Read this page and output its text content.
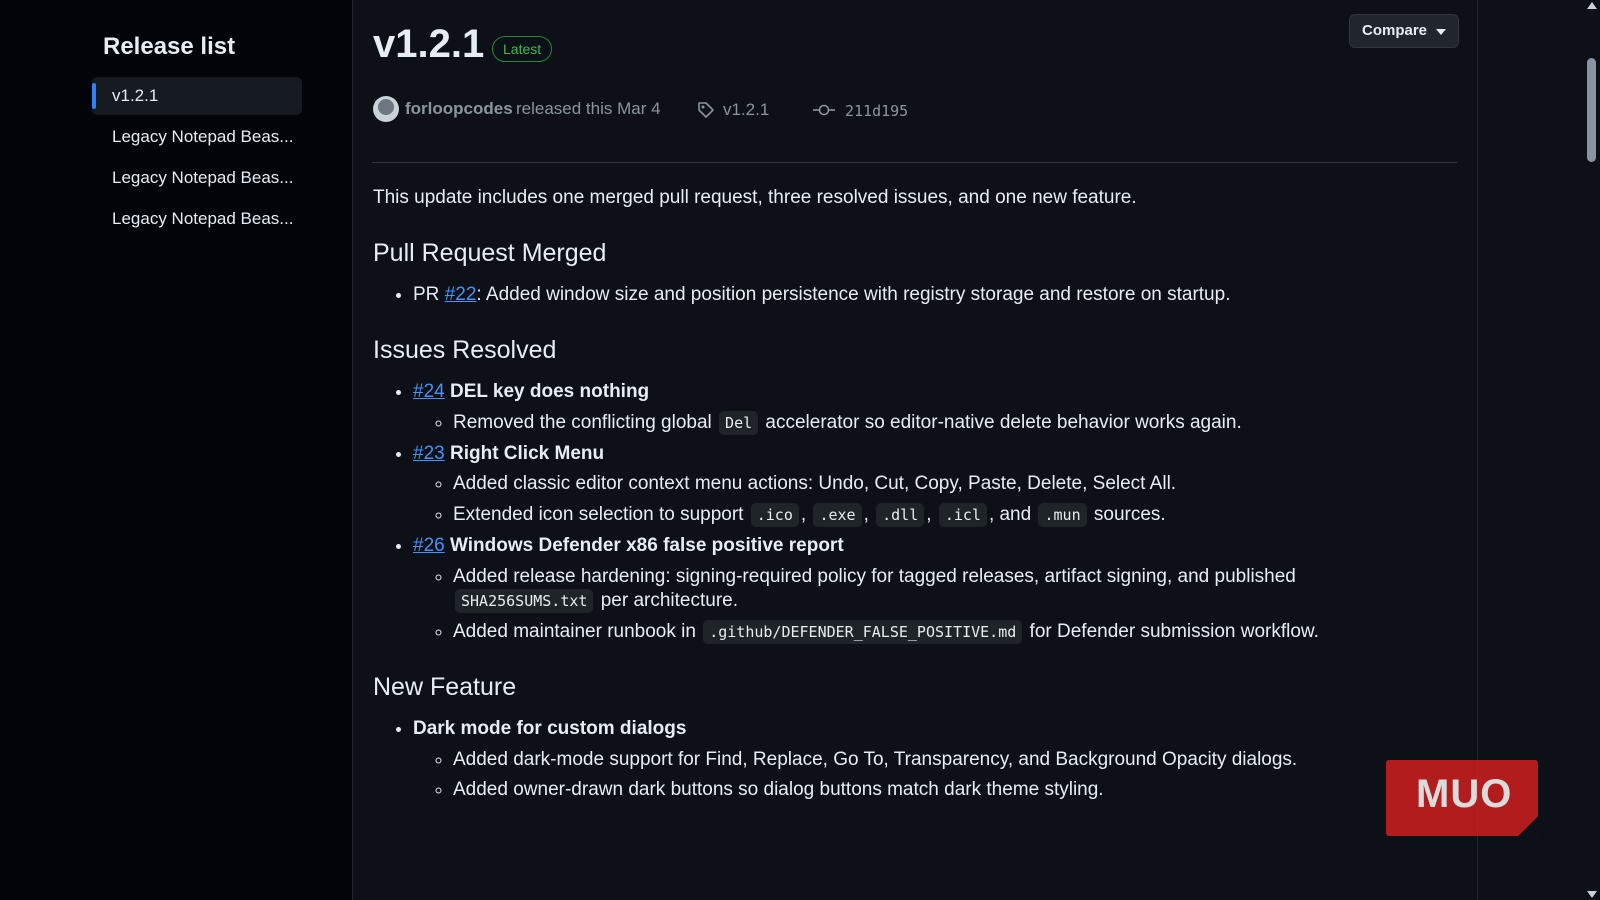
Release list
v1.2.1
Legacy Notepad Beas...
Legacy Notepad Beas...
Legacy Notepad Beas...
v1.2.1	Latest
Compare
forloopcodes released this Mar 4	v1.2.1	211d195

This update includes one merged pull request, three resolved issues, and one new feature.

Pull Request Merged
• PR #22: Added window size and position persistence with registry storage and restore on startup.
Issues Resolved
• #24 DEL key does nothing
◦ Removed the conflicting global Del accelerator so editor-native delete behavior works again.
• #23 Right Click Menu
◦ Added classic editor context menu actions: Undo, Cut, Copy, Paste, Delete, Select All.
◦ Extended icon selection to support .ico , .exe , .dll , .icl , and .mun sources.
• #26 Windows Defender x86 false positive report
◦ Added release hardening: signing-required policy for tagged releases, artifact signing, and published
SHA256SUMS.txt per architecture.
◦ Added maintainer runbook in .github/DEFENDER_FALSE_POSITIVE.md for Defender submission workflow.
New Feature
• Dark mode for custom dialogs
◦ Added dark-mode support for Find, Replace, Go To, Transparency, and Background Opacity dialogs.
◦ Added owner-drawn dark buttons so dialog buttons match dark theme styling.	MUO
